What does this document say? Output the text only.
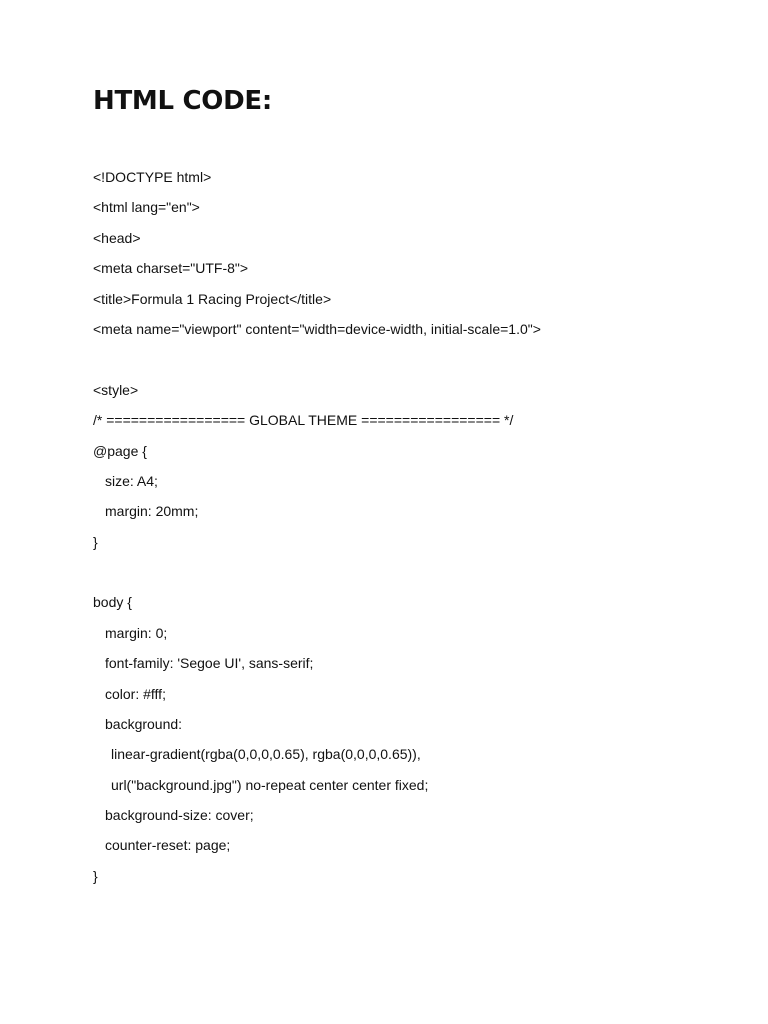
HTML CODE:

<!DOCTYPE html>

<html lang="en">

<head>

<meta charset="UTF-8">

<title>Formula 1 Racing Project</title>

<meta name="viewport" content="width=device-width, initial-scale=1.0">

<style>

/* ================= GLOBAL THEME ================= */

@page {

size: A4;

margin: 20mm;

}

body {

margin: 0;

font-family: 'Segoe UI', sans-serif;

color: #fff;

background:

linear-gradient(rgba(0,0,0,0.65), rgba(0,0,0,0.65)),

url("background.jpg") no-repeat center center fixed;

background-size: cover;

counter-reset: page;

}
